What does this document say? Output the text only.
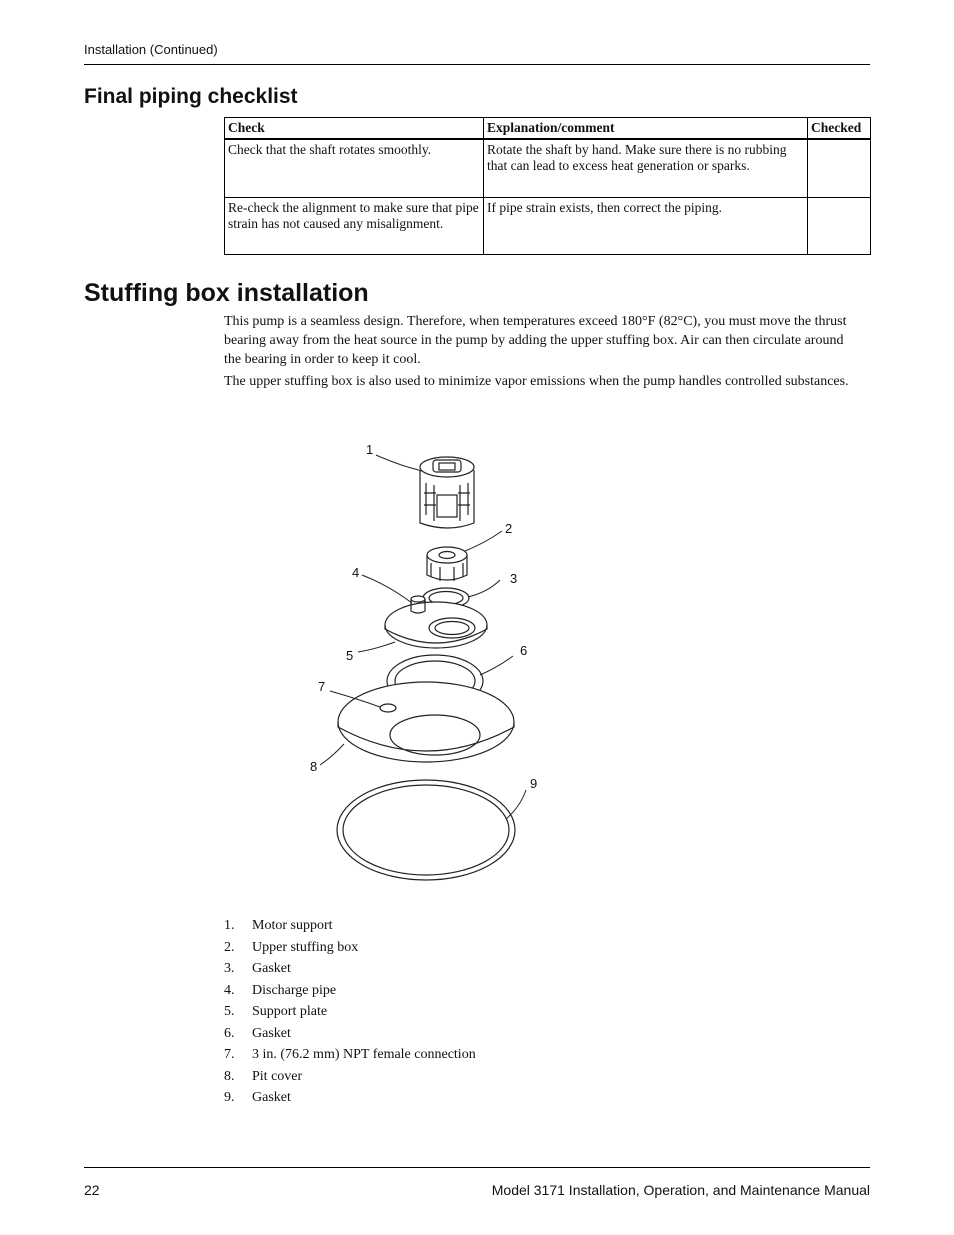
Installation (Continued)
Final piping checklist
Check	Explanation/comment	Checked
Check that the shaft rotates smoothly.	Rotate the shaft by hand. Make sure there is no rubbing that can lead to excess heat generation or sparks.	
Re-check the alignment to make sure that pipe strain has not caused any misalignment.	If pipe strain exists, then correct the piping.	
Stuffing box installation

This pump is a seamless design. Therefore, when temperatures exceed 180°F (82°C), you must move the thrust bearing away from the heat source in the pump by adding the upper stuffing box. Air can then circulate around the bearing in order to keep it cool.

The upper stuffing box is also used to minimize vapor emissions when the pump handles controlled substances.

1
2
3
4
5	6
7
8
9
1.	Motor support
2.	Upper stuffing box
3.	Gasket
4.	Discharge pipe
5.	Support plate
6.	Gasket
7.	3 in. (76.2 mm) NPT female connection
8.	Pit cover
9.	Gasket
22	Model 3171 Installation, Operation, and Maintenance Manual
